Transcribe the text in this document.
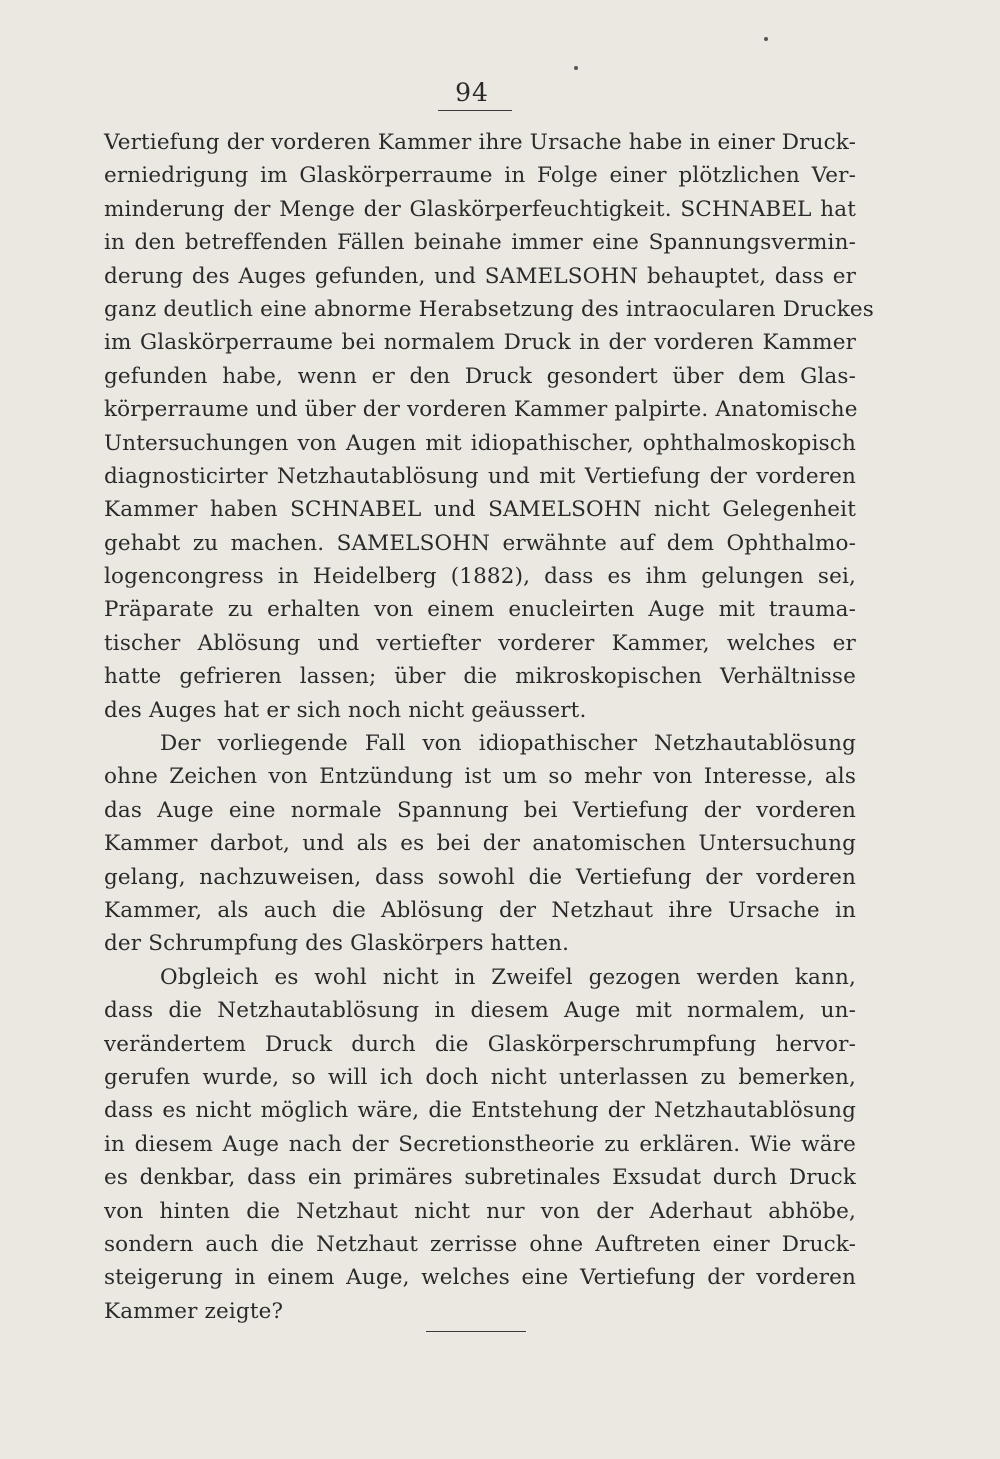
94
Vertiefung der vorderen Kammer ihre Ursache habe in einer Druck-
erniedrigung im Glaskörperraume in Folge einer plötzlichen Ver-
minderung der Menge der Glaskörperfeuchtigkeit. SCHNABEL hat
in den betreffenden Fällen beinahe immer eine Spannungsvermin-
derung des Auges gefunden, und SAMELSOHN behauptet, dass er
ganz deutlich eine abnorme Herabsetzung des intraocularen Druckes
im Glaskörperraume bei normalem Druck in der vorderen Kammer
gefunden habe, wenn er den Druck gesondert über dem Glas-
körperraume und über der vorderen Kammer palpirte. Anatomische
Untersuchungen von Augen mit idiopathischer, ophthalmoskopisch
diagnosticirter Netzhautablösung und mit Vertiefung der vorderen
Kammer haben SCHNABEL und SAMELSOHN nicht Gelegenheit
gehabt zu machen. SAMELSOHN erwähnte auf dem Ophthalmo-
logencongress in Heidelberg (1882), dass es ihm gelungen sei,
Präparate zu erhalten von einem enucleirten Auge mit trauma-
tischer Ablösung und vertiefter vorderer Kammer, welches er
hatte gefrieren lassen; über die mikroskopischen Verhältnisse
des Auges hat er sich noch nicht geäussert.
Der vorliegende Fall von idiopathischer Netzhautablösung
ohne Zeichen von Entzündung ist um so mehr von Interesse, als
das Auge eine normale Spannung bei Vertiefung der vorderen
Kammer darbot, und als es bei der anatomischen Untersuchung
gelang, nachzuweisen, dass sowohl die Vertiefung der vorderen
Kammer, als auch die Ablösung der Netzhaut ihre Ursache in
der Schrumpfung des Glaskörpers hatten.
Obgleich es wohl nicht in Zweifel gezogen werden kann,
dass die Netzhautablösung in diesem Auge mit normalem, un-
verändertem Druck durch die Glaskörperschrumpfung hervor-
gerufen wurde, so will ich doch nicht unterlassen zu bemerken,
dass es nicht möglich wäre, die Entstehung der Netzhautablösung
in diesem Auge nach der Secretionstheorie zu erklären. Wie wäre
es denkbar, dass ein primäres subretinales Exsudat durch Druck
von hinten die Netzhaut nicht nur von der Aderhaut abhöbe,
sondern auch die Netzhaut zerrisse ohne Auftreten einer Druck-
steigerung in einem Auge, welches eine Vertiefung der vorderen
Kammer zeigte?
